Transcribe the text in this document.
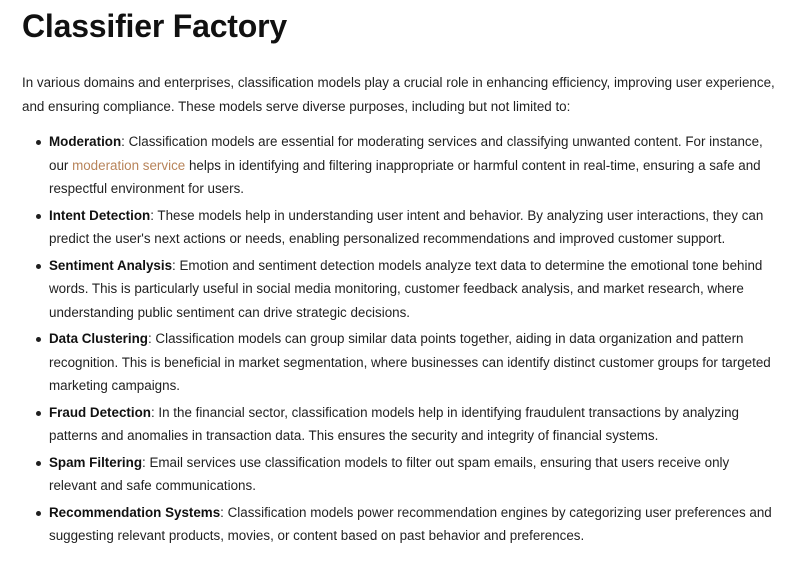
Classifier Factory

In various domains and enterprises, classification models play a crucial role in enhancing efficiency, improving user experience, and ensuring compliance. These models serve diverse purposes, including but not limited to:

Moderation: Classification models are essential for moderating services and classifying unwanted content. For instance, our moderation service helps in identifying and filtering inappropriate or harmful content in real-time, ensuring a safe and respectful environment for users.
Intent Detection: These models help in understanding user intent and behavior. By analyzing user interactions, they can predict the user's next actions or needs, enabling personalized recommendations and improved customer support.
Sentiment Analysis: Emotion and sentiment detection models analyze text data to determine the emotional tone behind words. This is particularly useful in social media monitoring, customer feedback analysis, and market research, where understanding public sentiment can drive strategic decisions.
Data Clustering: Classification models can group similar data points together, aiding in data organization and pattern recognition. This is beneficial in market segmentation, where businesses can identify distinct customer groups for targeted marketing campaigns.
Fraud Detection: In the financial sector, classification models help in identifying fraudulent transactions by analyzing patterns and anomalies in transaction data. This ensures the security and integrity of financial systems.
Spam Filtering: Email services use classification models to filter out spam emails, ensuring that users receive only relevant and safe communications.
Recommendation Systems: Classification models power recommendation engines by categorizing user preferences and suggesting relevant products, movies, or content based on past behavior and preferences.
